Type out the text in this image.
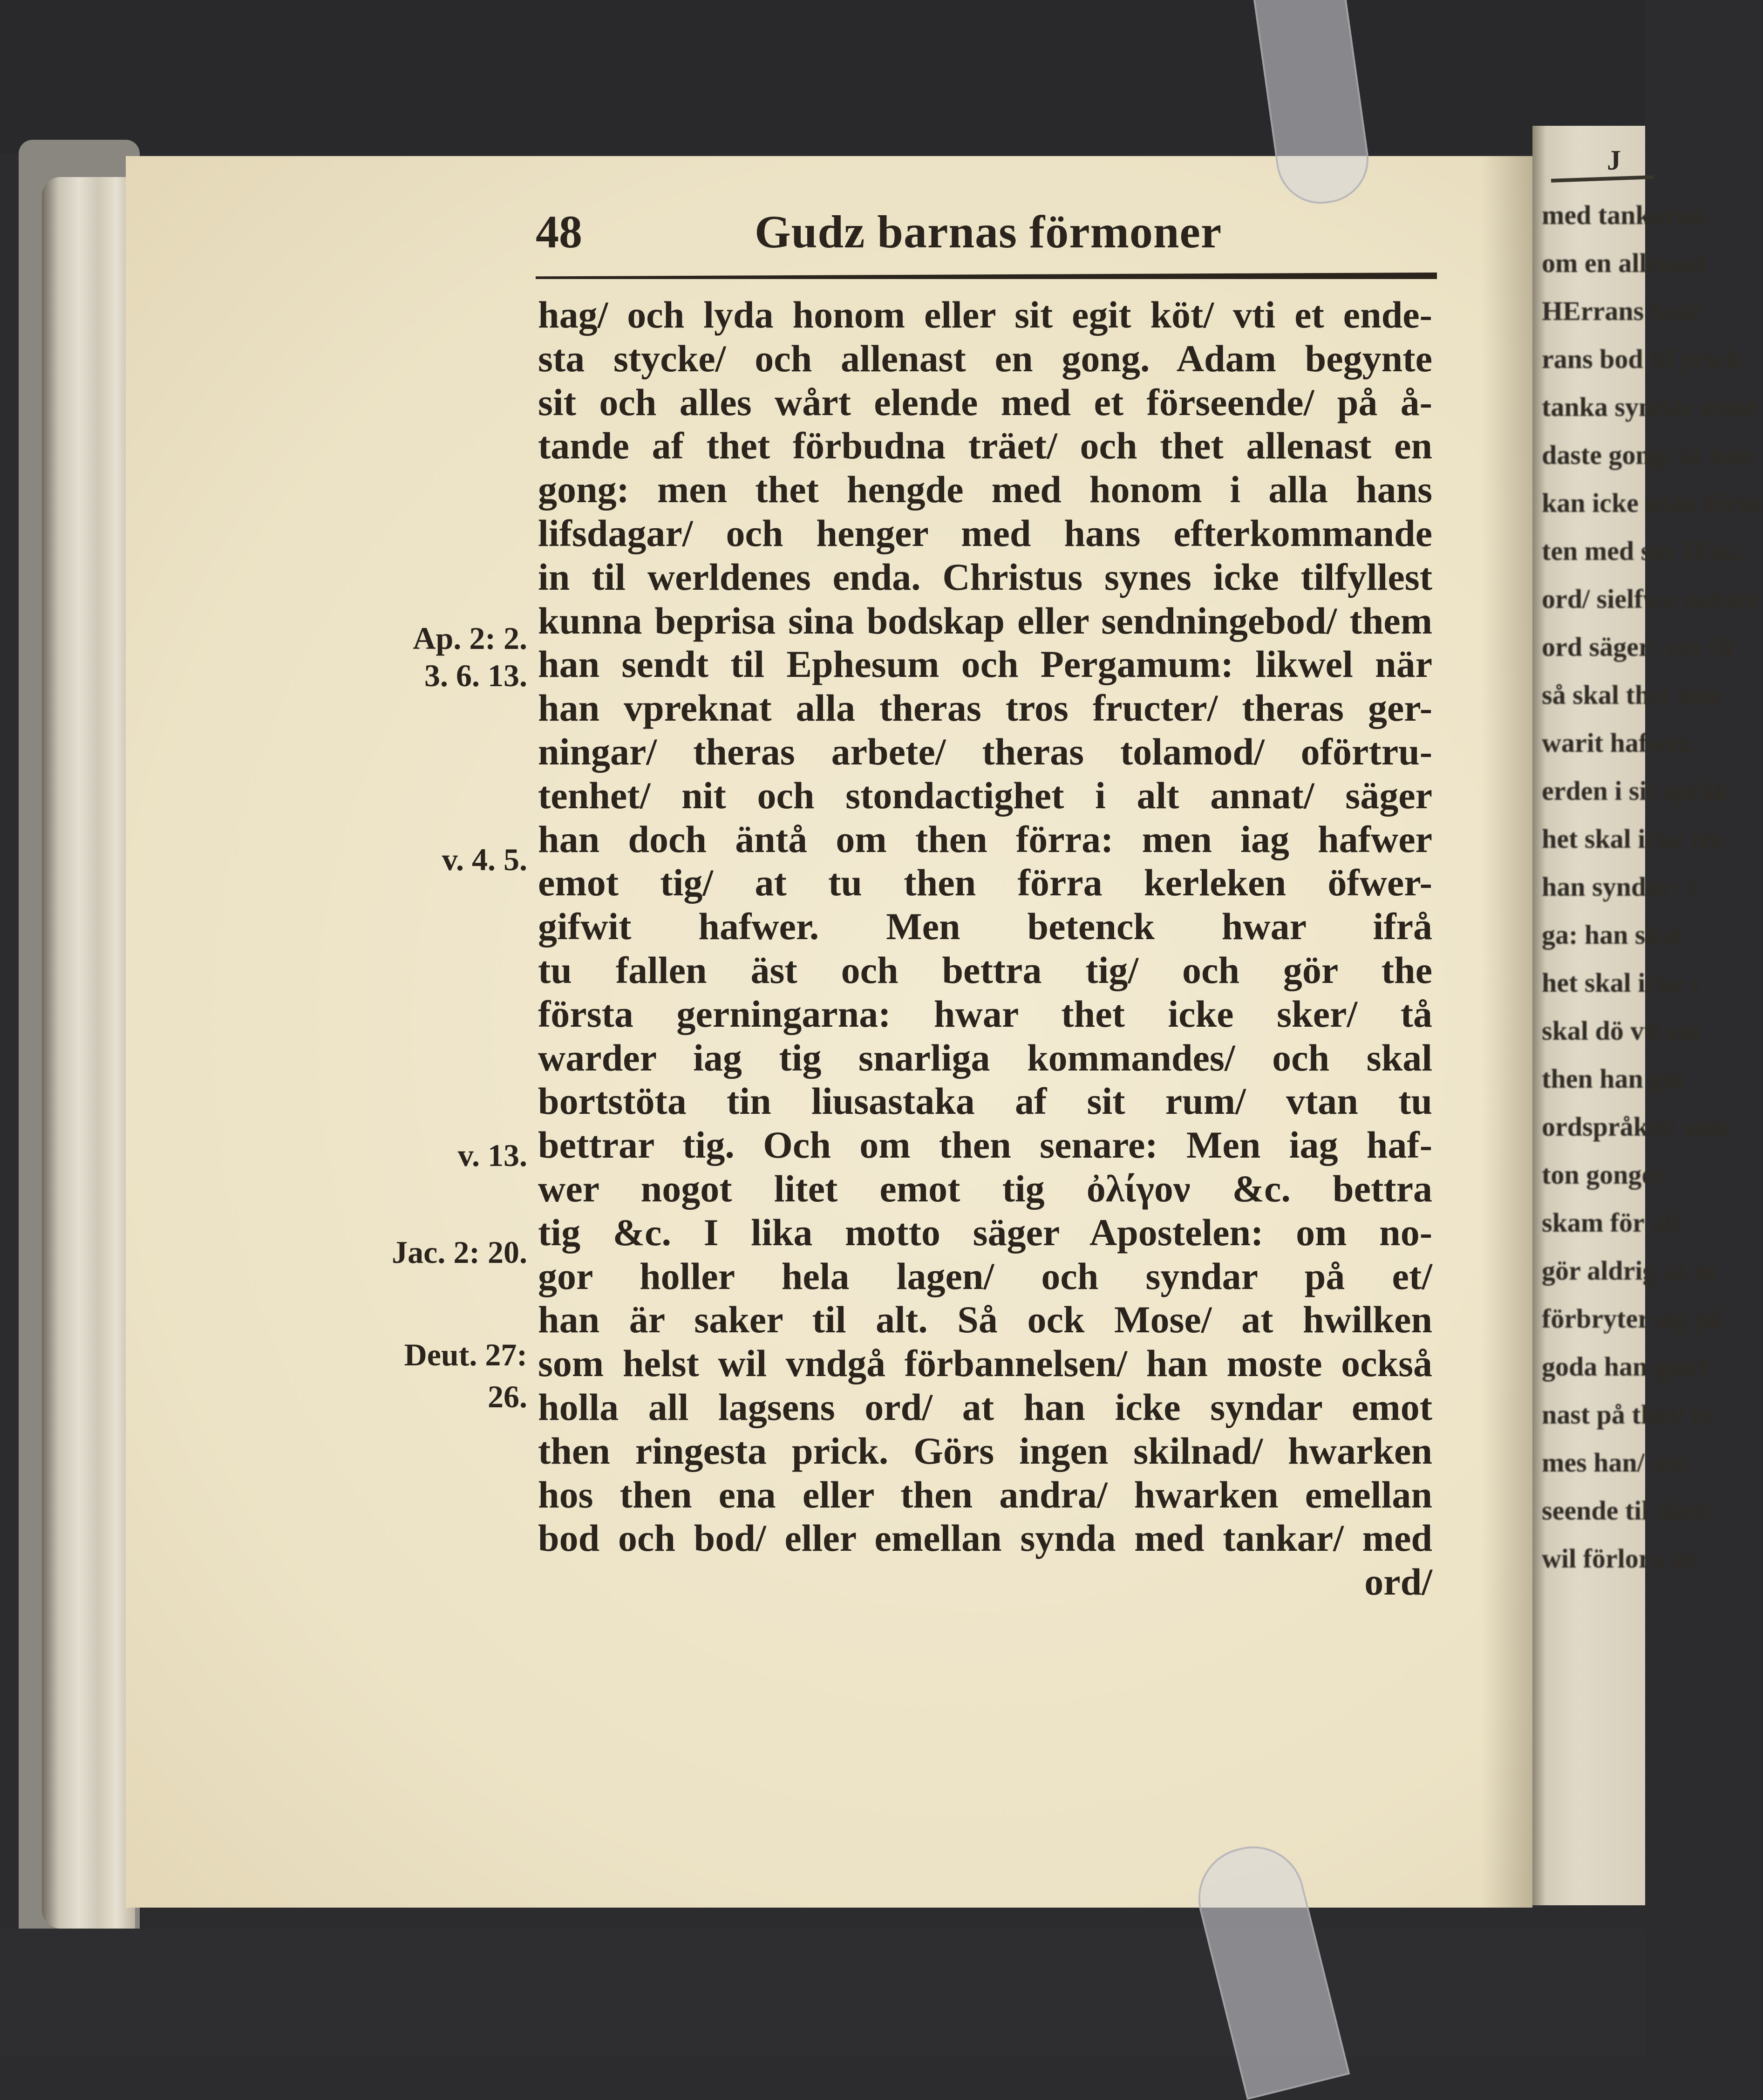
J
med tankarna
om en allenast
HErrans bod/
rans bod til prick
tanka syndar emot
daste gong/ så han
kan icke utan förso
ten med sin JEsu.
ord/ sielfwa nature
ord säger: om th
så skal thet inte
warit hafwer.
erden i sit språk
het skal icke fre
han syndar: t
ga: han skal
het skal icke i
skal dö vti sin
then han gio
ordspråket/ som
ton gongor
skam för alt
gör aldrig så m
förbryter sig på
goda han giort
nast på thet/ fo
mes han/ om
seende til thett
wil förlora sit
48	Gudz barnas förmoner
hag/ och lyda honom eller sit egit köt/ vti et ende-
sta stycke/ och allenast en gong. Adam begynte
sit och alles wårt elende med et förseende/ på å-
tande af thet förbudna träet/ och thet allenast en
gong: men thet hengde med honom i alla hans
lifsdagar/ och henger med hans efterkommande
in til werldenes enda. Christus synes icke tilfyllest
kunna beprisa sina bodskap eller sendningebod/ them
han sendt til Ephesum och Pergamum: likwel när
han vpreknat alla theras tros fructer/ theras ger-
ningar/ theras arbete/ theras tolamod/ oförtru-
tenhet/ nit och stondactighet i alt annat/ säger
han doch äntå om then förra: men iag hafwer
emot tig/ at tu then förra kerleken öfwer-
gifwit hafwer. Men betenck hwar ifrå
tu fallen äst och bettra tig/ och gör the
första gerningarna: hwar thet icke sker/ tå
warder iag tig snarliga kommandes/ och skal
bortstöta tin liusastaka af sit rum/ vtan tu
bettrar tig. Och om then senare: Men iag haf-
wer nogot litet emot tig ὀλίγον &c. bettra
tig &c. I lika motto säger Apostelen: om no-
gor holler hela lagen/ och syndar på et/
han är saker til alt. Så ock Mose/ at hwilken
som helst wil vndgå förbannelsen/ han moste också
holla all lagsens ord/ at han icke syndar emot
then ringesta prick. Görs ingen skilnad/ hwarken
hos then ena eller then andra/ hwarken emellan
bod och bod/ eller emellan synda med tankar/ med
ord/
Ap. 2: 2.
3. 6. 13.
v. 4. 5.
v. 13.
Jac. 2: 20.
Deut. 27:
26.
